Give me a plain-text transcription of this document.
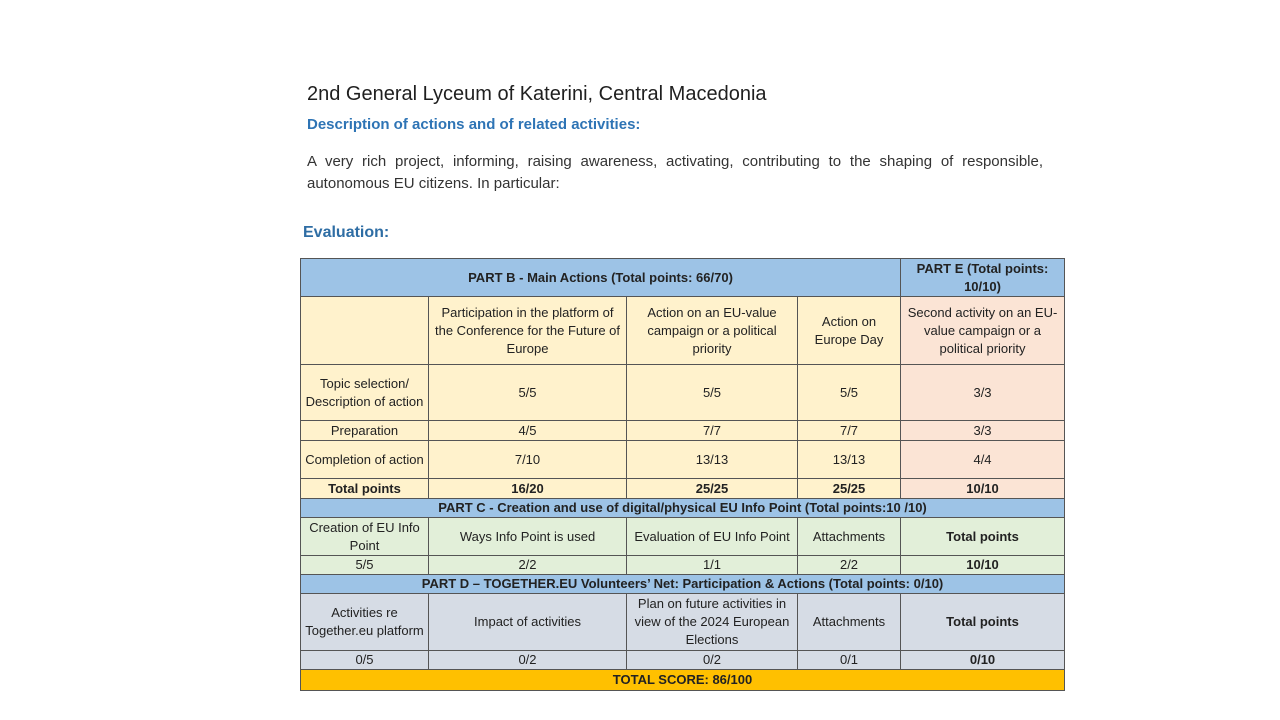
2nd General Lyceum of Katerini, Central Macedonia
Description of actions and of related activities:
A very rich project, informing, raising awareness, activating, contributing to the shaping of responsible, autonomous EU citizens. In particular:
Evaluation:
PART B - Main Actions (Total points: 66/70)				PART E (Total points: 10/10)
	Participation in the platform of the Conference for the Future of Europe	Action on an EU-value campaign or a political priority	Action on Europe Day	Second activity on an EU-value campaign or a political priority
Topic selection/ Description of action	5/5	5/5	5/5	3/3
Preparation	4/5	7/7	7/7	3/3
Completion of action	7/10	13/13	13/13	4/4
Total points	16/20	25/25	25/25	10/10
PART C - Creation and use of digital/physical EU Info Point (Total points:10 /10)				
Creation of EU Info Point	Ways Info Point is used	Evaluation of EU Info Point	Attachments	Total points
5/5	2/2	1/1	2/2	10/10
PART D – TOGETHER.EU Volunteers’ Net: Participation & Actions (Total points: 0/10)				
Activities re Together.eu platform	Impact of activities	Plan on future activities in view of the 2024 European Elections	Attachments	Total points
0/5	0/2	0/2	0/1	0/10
TOTAL SCORE: 86/100				
